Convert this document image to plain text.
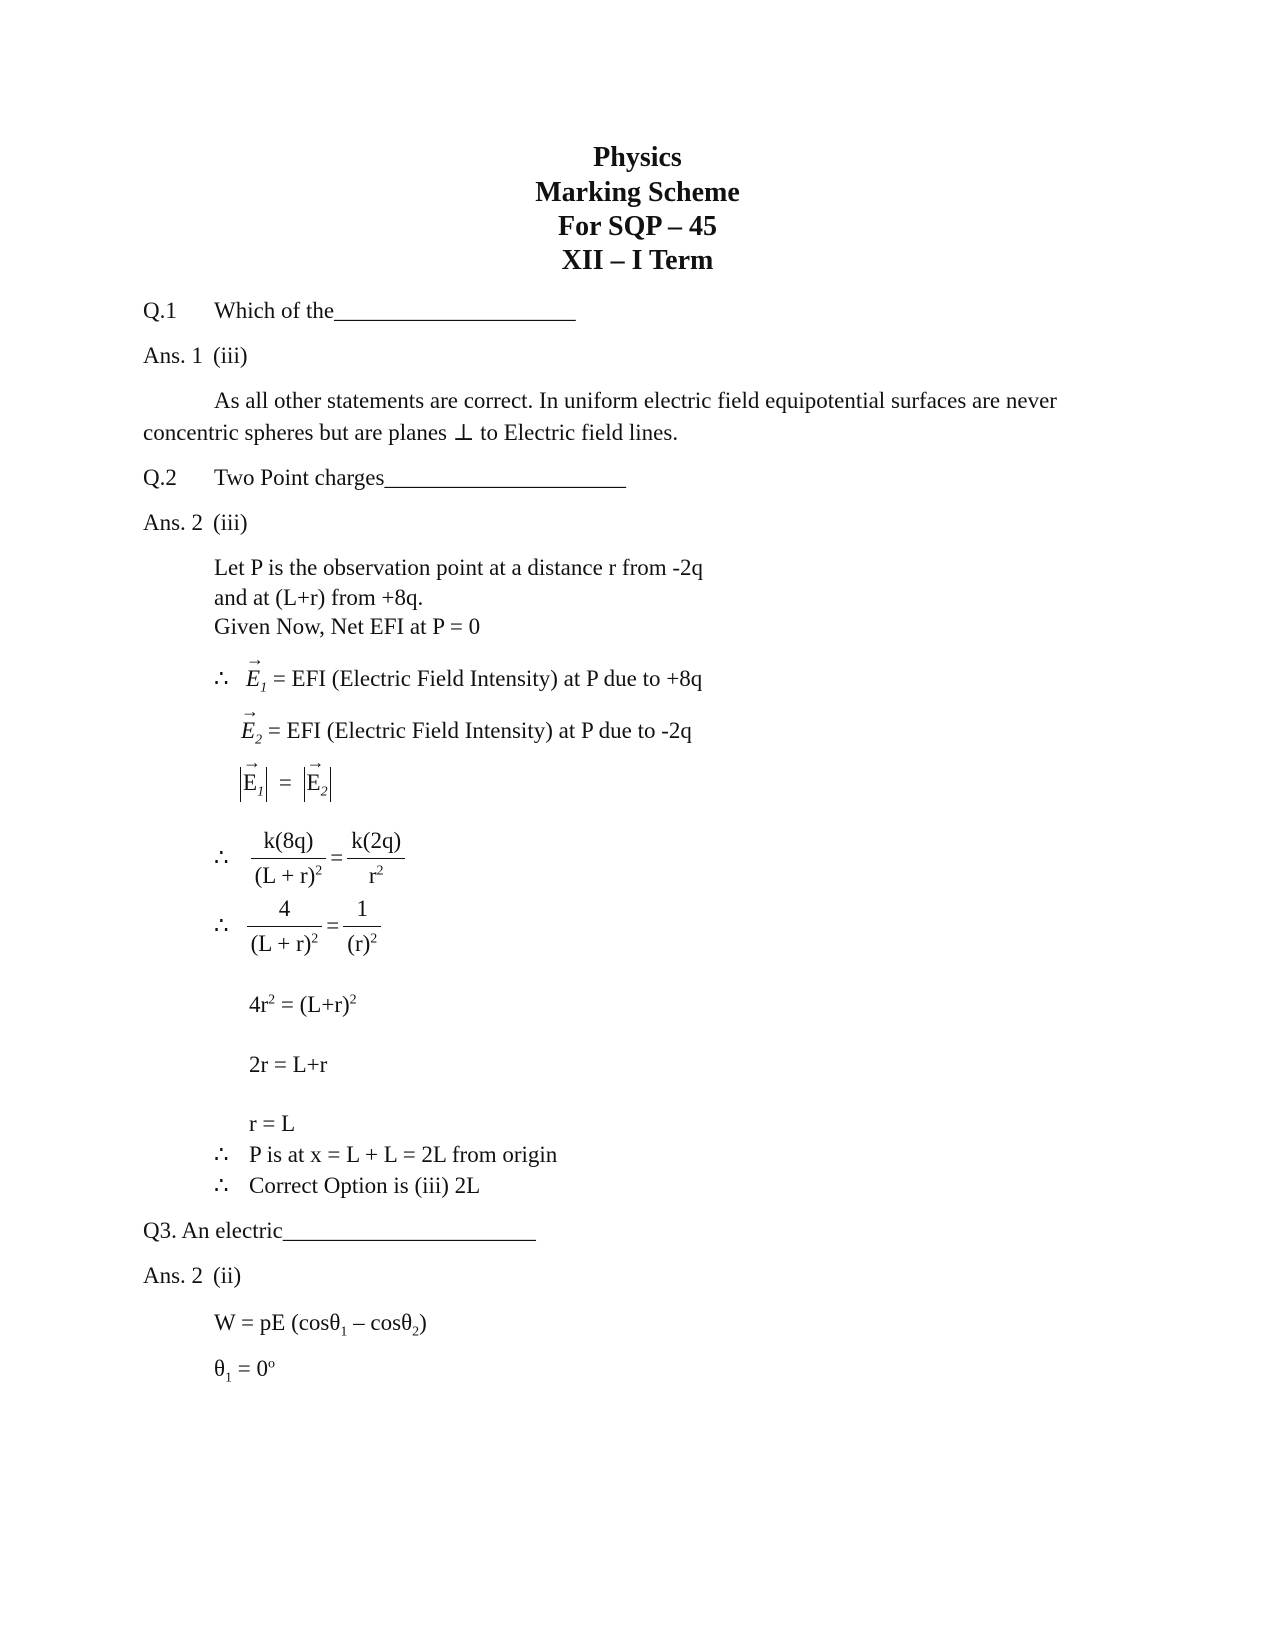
Physics
Marking Scheme
For SQP – 45
XII – I Term
Q.1 Which of the_____________________
Ans. 1 (iii)
As all other statements are correct. In uniform electric field equipotential surfaces are never
concentric spheres but are planes ⊥ to Electric field lines.
Q.2 Two Point charges_____________________
Ans. 2 (iii)
Let P is the observation point at a distance r from -2q
and at (L+r) from +8q.
Given Now, Net EFI at P = 0
∴
→
$E_1$ = EFI (Electric Field Intensity) at P due to +8q
→
$E_2$ = EFI (Electric Field Intensity) at P due to -2q
→
$E_1$ =
→
$E_2$
∴ $\frac{k(8q)}{(L + r)^2} = \frac{k(2q)}{r^2}$
∴ $\frac{4}{(L + r)^2} = \frac{1}{(r)^2}$
$4r^2 = (L+r)^2$
2r = L+r
r = L
∴ P is at x = L + L = 2L from origin
∴ Correct Option is (iii) 2L
Q3. An electric______________________
Ans. 2 (ii)
W = pE (cosθ$_1$ – cosθ$_2$)
$\theta_1 = 0^o$
